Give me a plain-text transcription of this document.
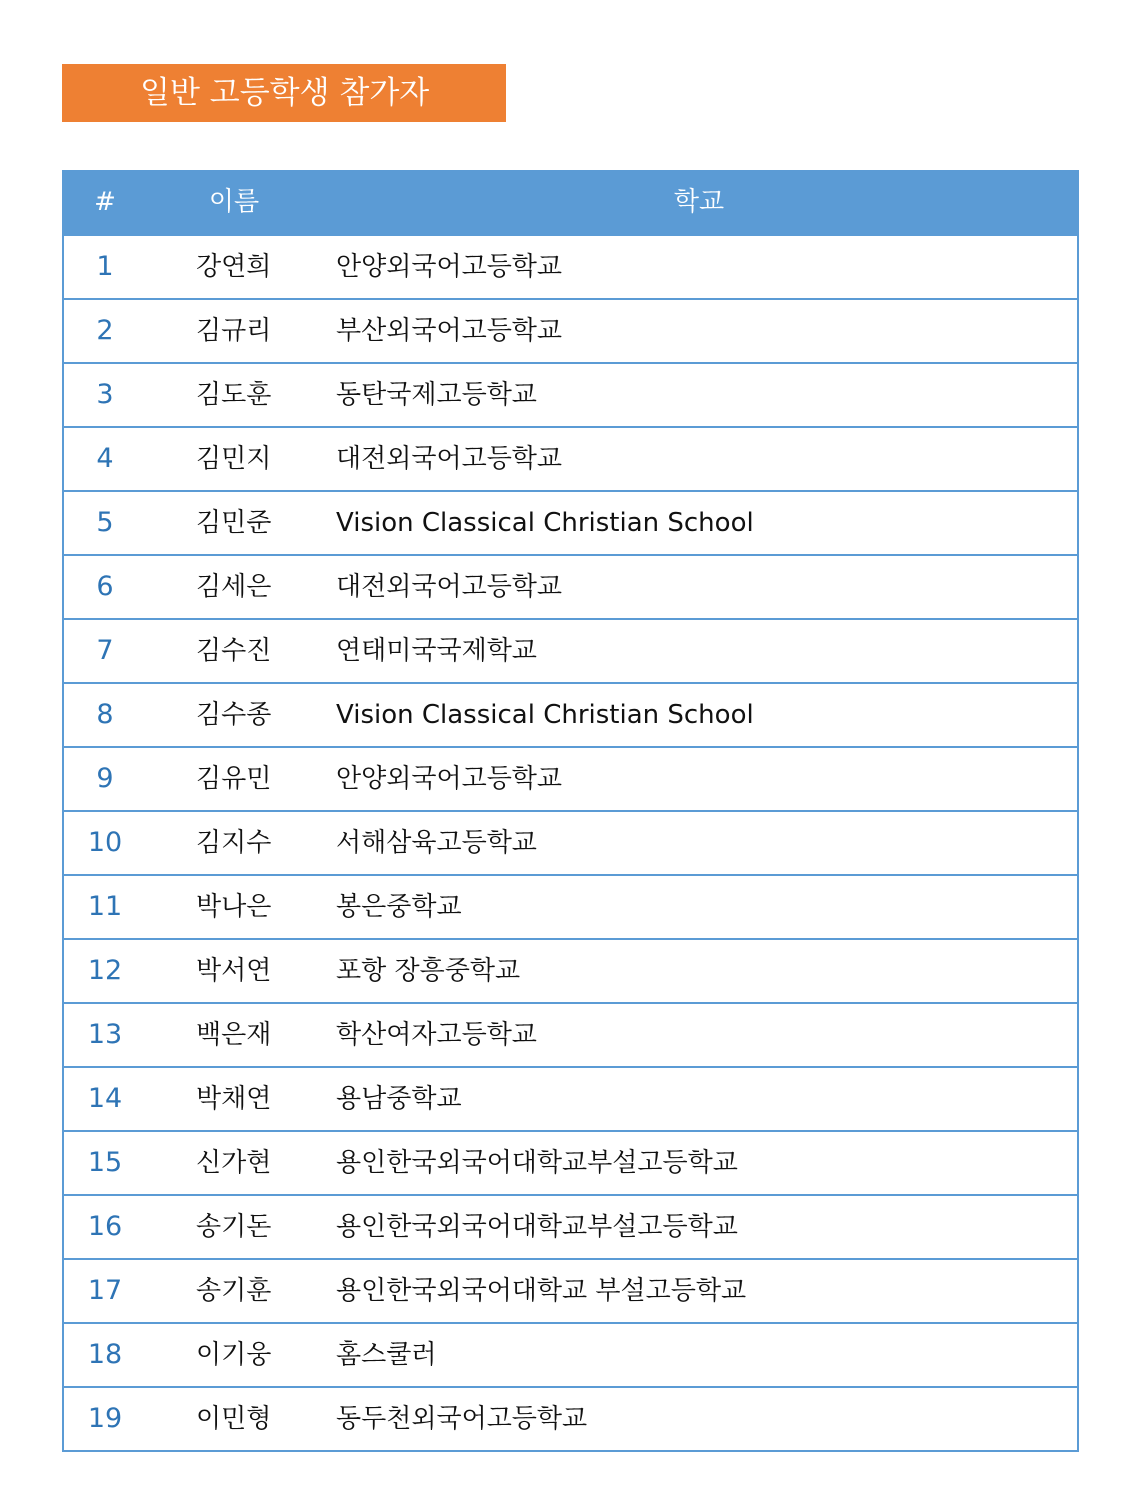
일반 고등학생 참가자
#	이름	학교
1	강연희 안양외국어고등학교
2	김규리 부산외국어고등학교
3	김도훈 동탄국제고등학교
4	김민지 대전외국어고등학교
5	김민준 Vision Classical Christian School
6	김세은 대전외국어고등학교
7	김수진 연태미국국제학교
8	김수종 Vision Classical Christian School
9	김유민 안양외국어고등학교
10	김지수 서해삼육고등학교
11	박나은 봉은중학교
12	박서연 포항 장흥중학교
13	백은재 학산여자고등학교
14	박채연 용남중학교
15	신가현 용인한국외국어대학교부설고등학교
16	송기돈 용인한국외국어대학교부설고등학교
17	송기훈 용인한국외국어대학교 부설고등학교
18	이기웅 홈스쿨러
19	이민형 동두천외국어고등학교
